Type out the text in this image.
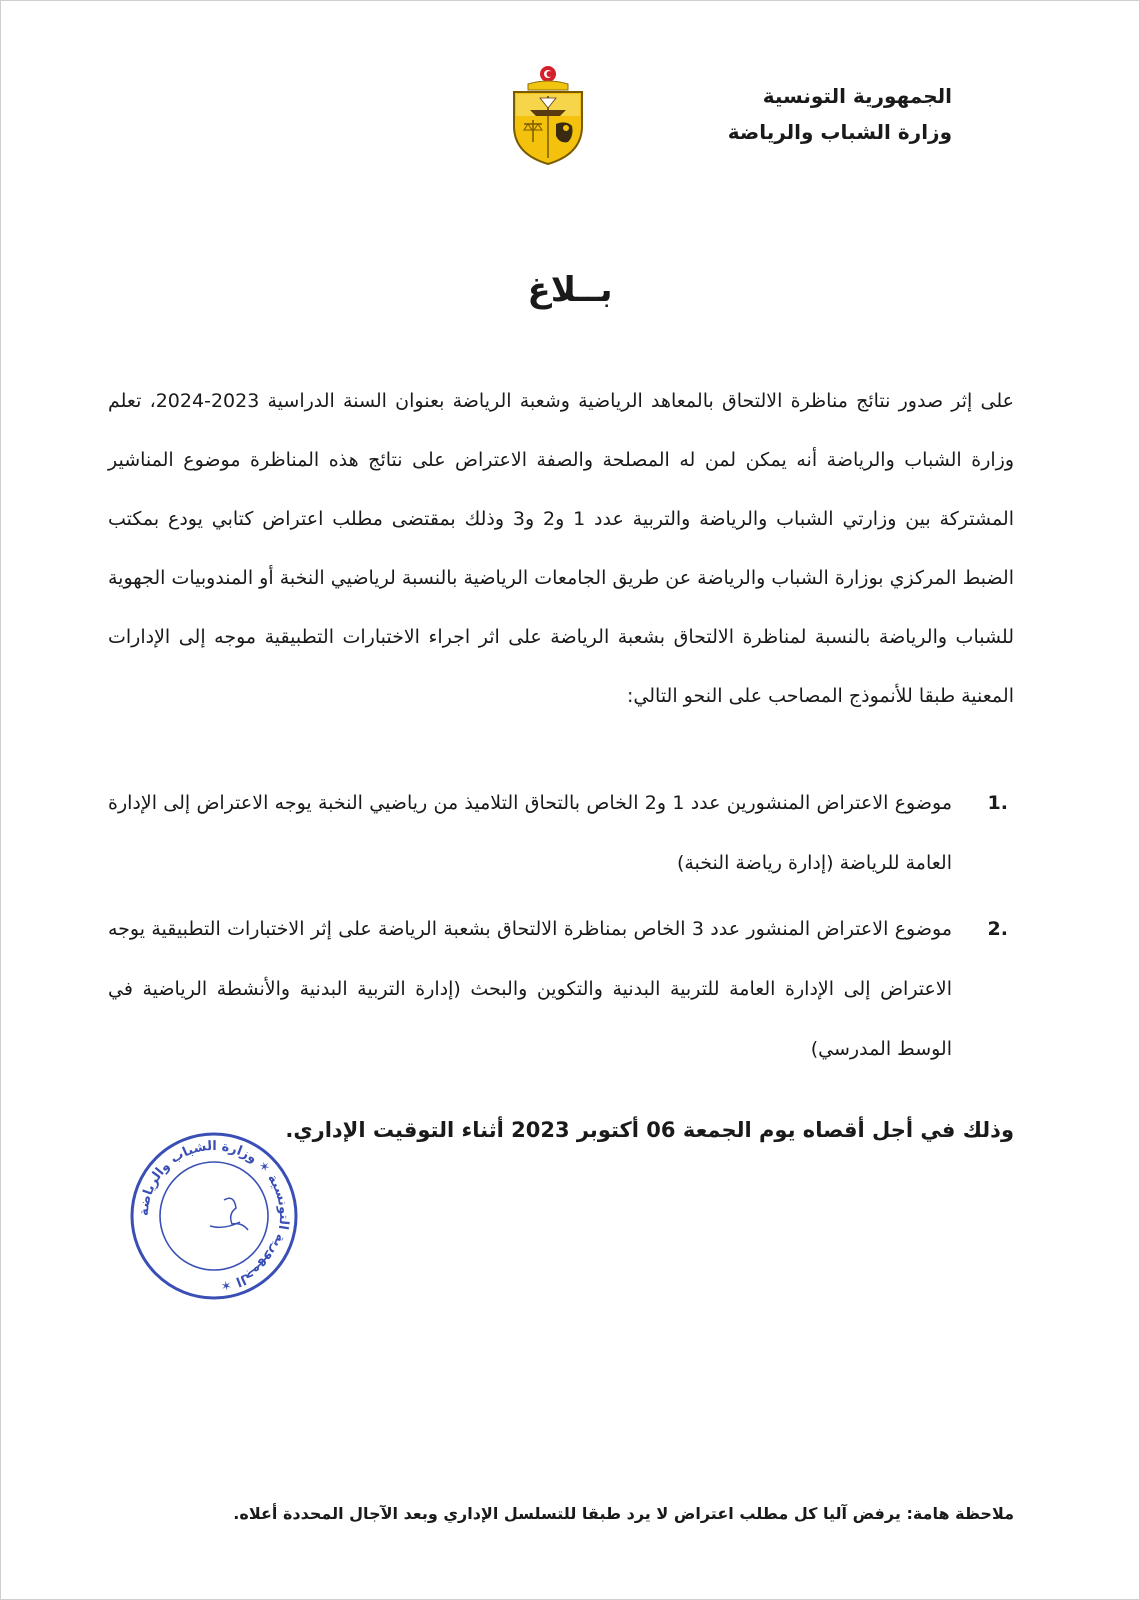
الجمهورية التونسية
وزارة الشباب والرياضة
بــلاغ
على إثر صدور نتائج مناظرة الالتحاق بالمعاهد الرياضية وشعبة الرياضة بعنوان السنة الدراسية 2023-2024، تعلم وزارة الشباب والرياضة أنه يمكن لمن له المصلحة والصفة الاعتراض على نتائج هذه المناظرة موضوع المناشير المشتركة بين وزارتي الشباب والرياضة والتربية عدد 1 و2 و3 وذلك بمقتضى مطلب اعتراض كتابي يودع بمكتب الضبط المركزي بوزارة الشباب والرياضة عن طريق الجامعات الرياضية بالنسبة لرياضيي النخبة أو المندوبيات الجهوية للشباب والرياضة بالنسبة لمناظرة الالتحاق بشعبة الرياضة على اثر اجراء الاختبارات التطبيقية موجه إلى الإدارات المعنية طبقا للأنموذج المصاحب على النحو التالي:
1.
موضوع الاعتراض المنشورين عدد 1 و2 الخاص بالتحاق التلاميذ من رياضيي النخبة يوجه الاعتراض إلى الإدارة العامة للرياضة (إدارة رياضة النخبة)
2.
موضوع الاعتراض المنشور عدد 3 الخاص بمناظرة الالتحاق بشعبة الرياضة على إثر الاختبارات التطبيقية يوجه الاعتراض إلى الإدارة العامة للتربية البدنية والتكوين والبحث (إدارة التربية البدنية والأنشطة الرياضية في الوسط المدرسي)
وذلك في أجل أقصاه يوم الجمعة 06 أكتوبر 2023 أثناء التوقيت الإداري.
الجمهورية التونسية ✶ وزارة الشباب والرياضة ✶
ملاحظة هامة: يرفض آليا كل مطلب اعتراض لا يرد طبقا للتسلسل الإداري وبعد الآجال المحددة أعلاه.
